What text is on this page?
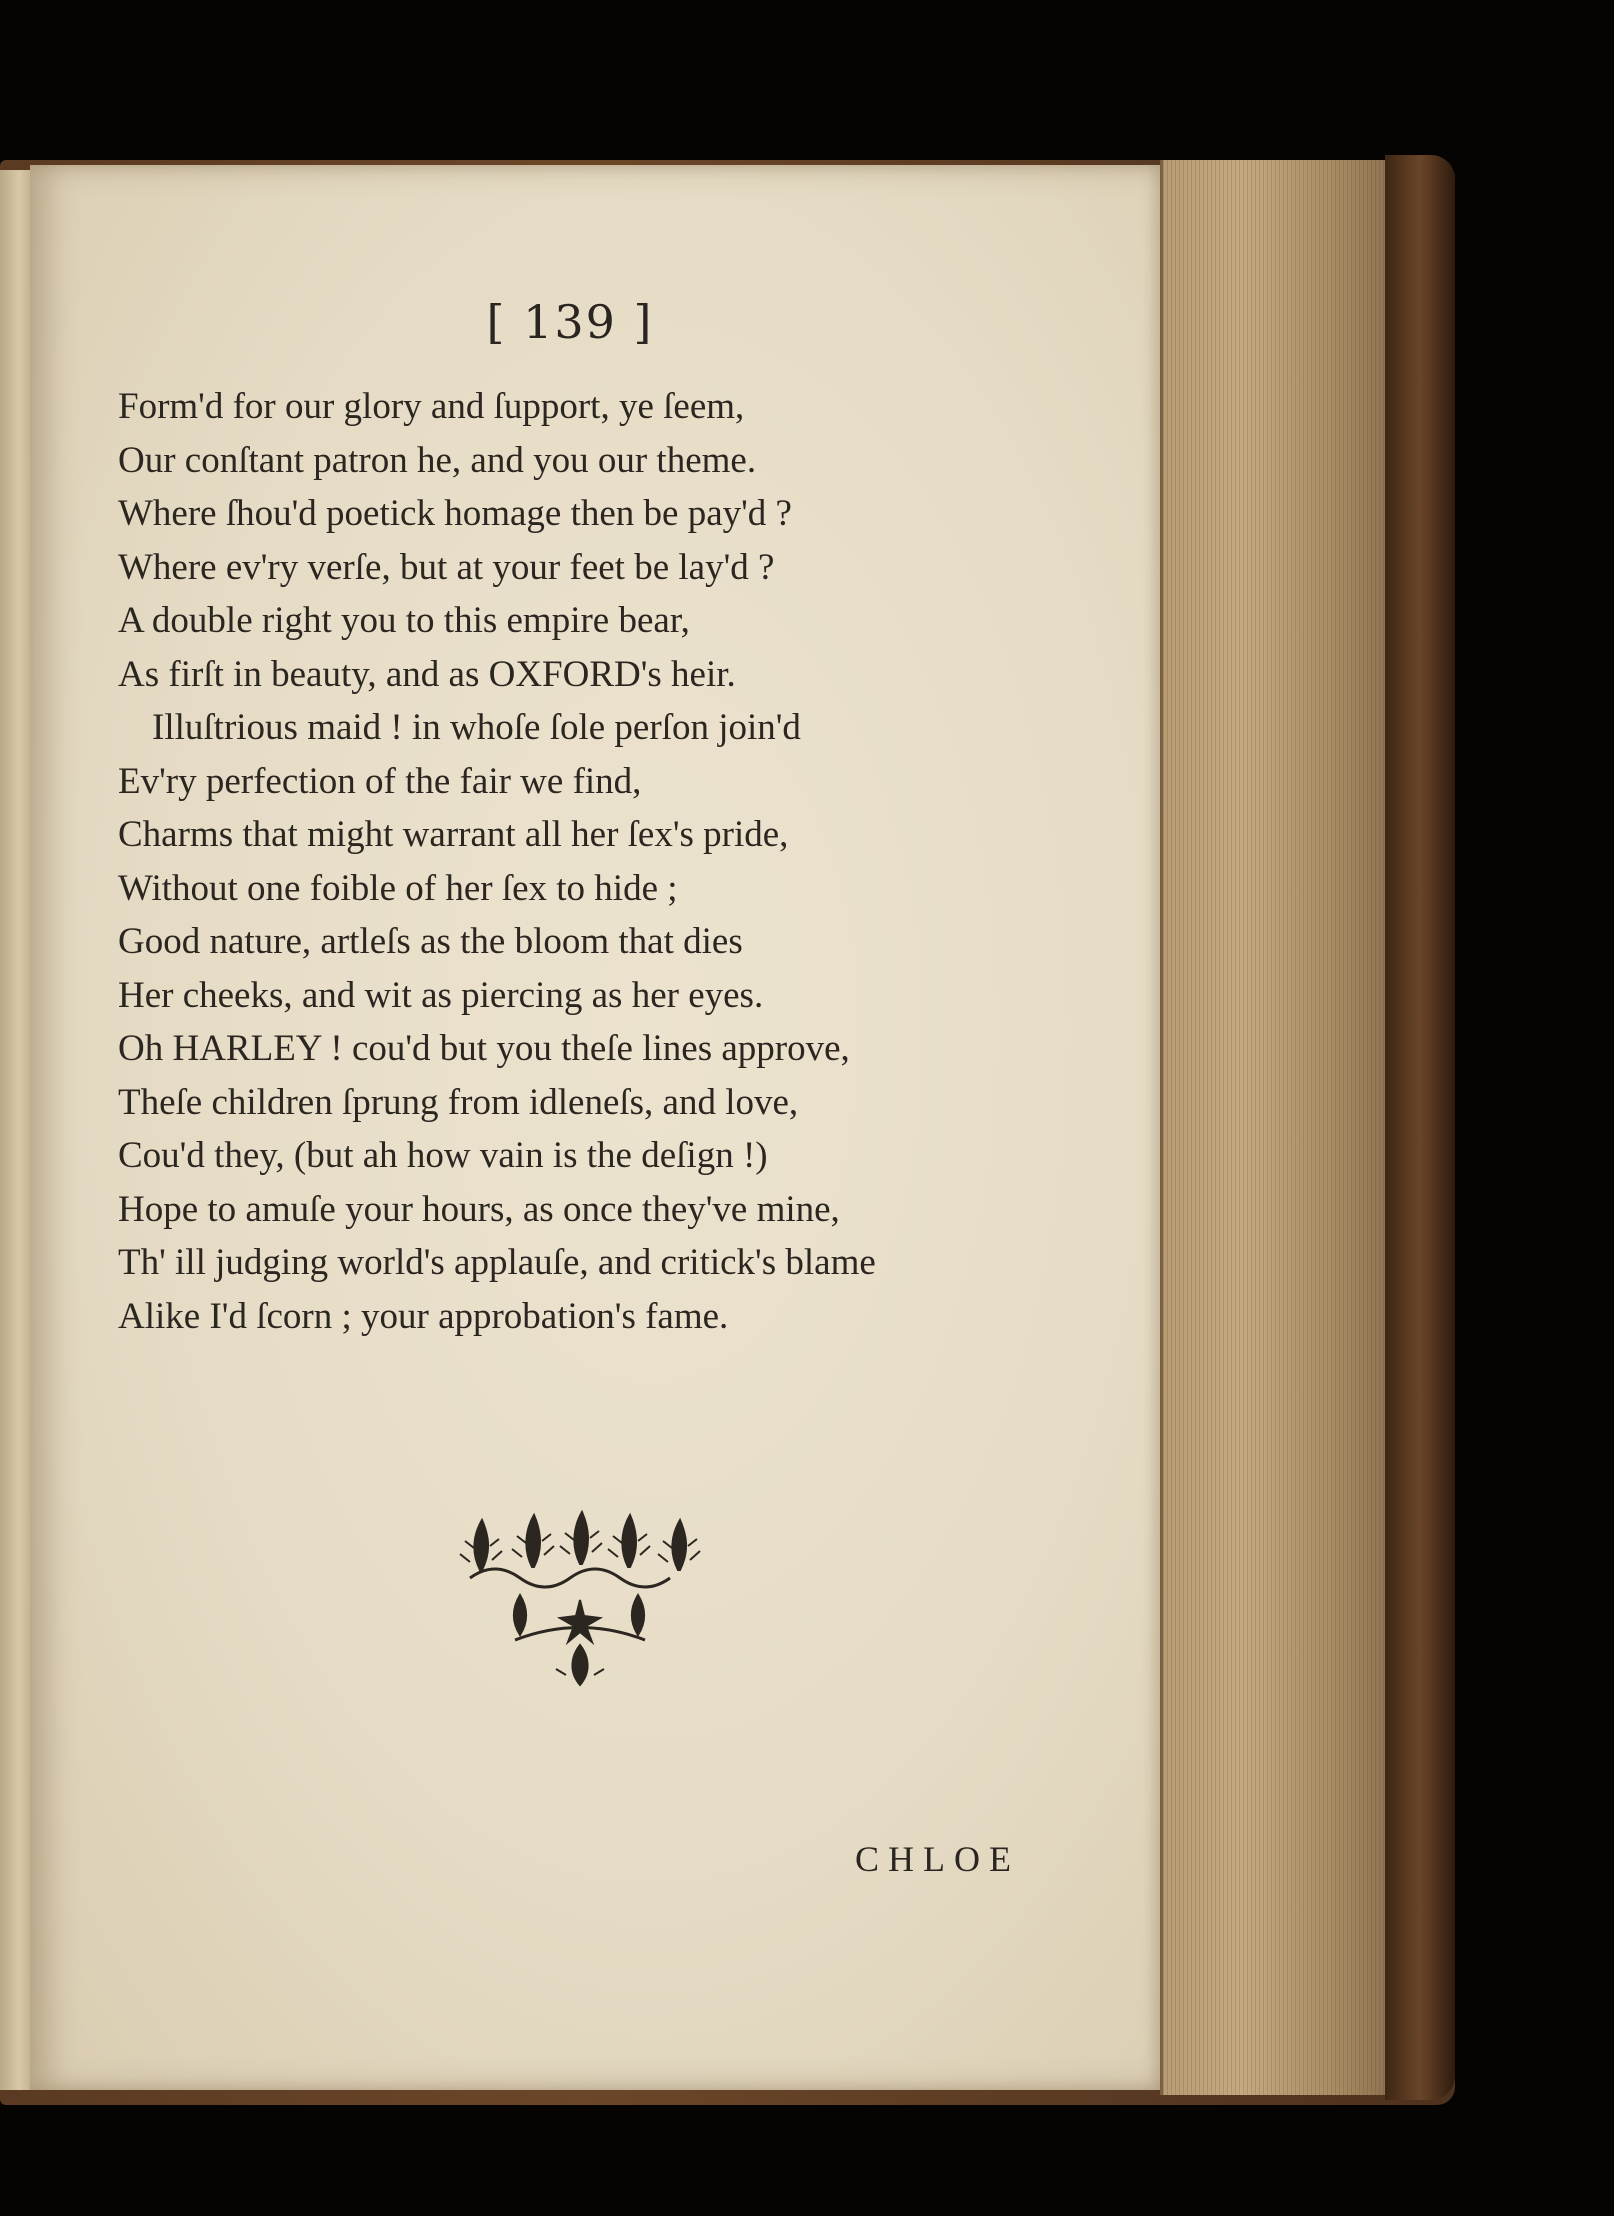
[ 139 ]
Form'd for our glory and ſupport, ye ſeem,
Our conſtant patron he, and you our theme.
Where ſhou'd poetick homage then be pay'd ?
Where ev'ry verſe, but at your feet be lay'd ?
A double right you to this empire bear,
As firſt in beauty, and as OXFORD's heir.
Illuſtrious maid ! in whoſe ſole perſon join'd
Ev'ry perfection of the fair we find,
Charms that might warrant all her ſex's pride,
Without one foible of her ſex to hide ;
Good nature, artleſs as the bloom that dies
Her cheeks, and wit as piercing as her eyes.
Oh HARLEY ! cou'd but you theſe lines approve,
Theſe children ſprung from idleneſs, and love,
Cou'd they, (but ah how vain is the deſign !)
Hope to amuſe your hours, as once they've mine,
Th' ill judging world's applauſe, and critick's blame
Alike I'd ſcorn ; your approbation's fame.
CHLOE
